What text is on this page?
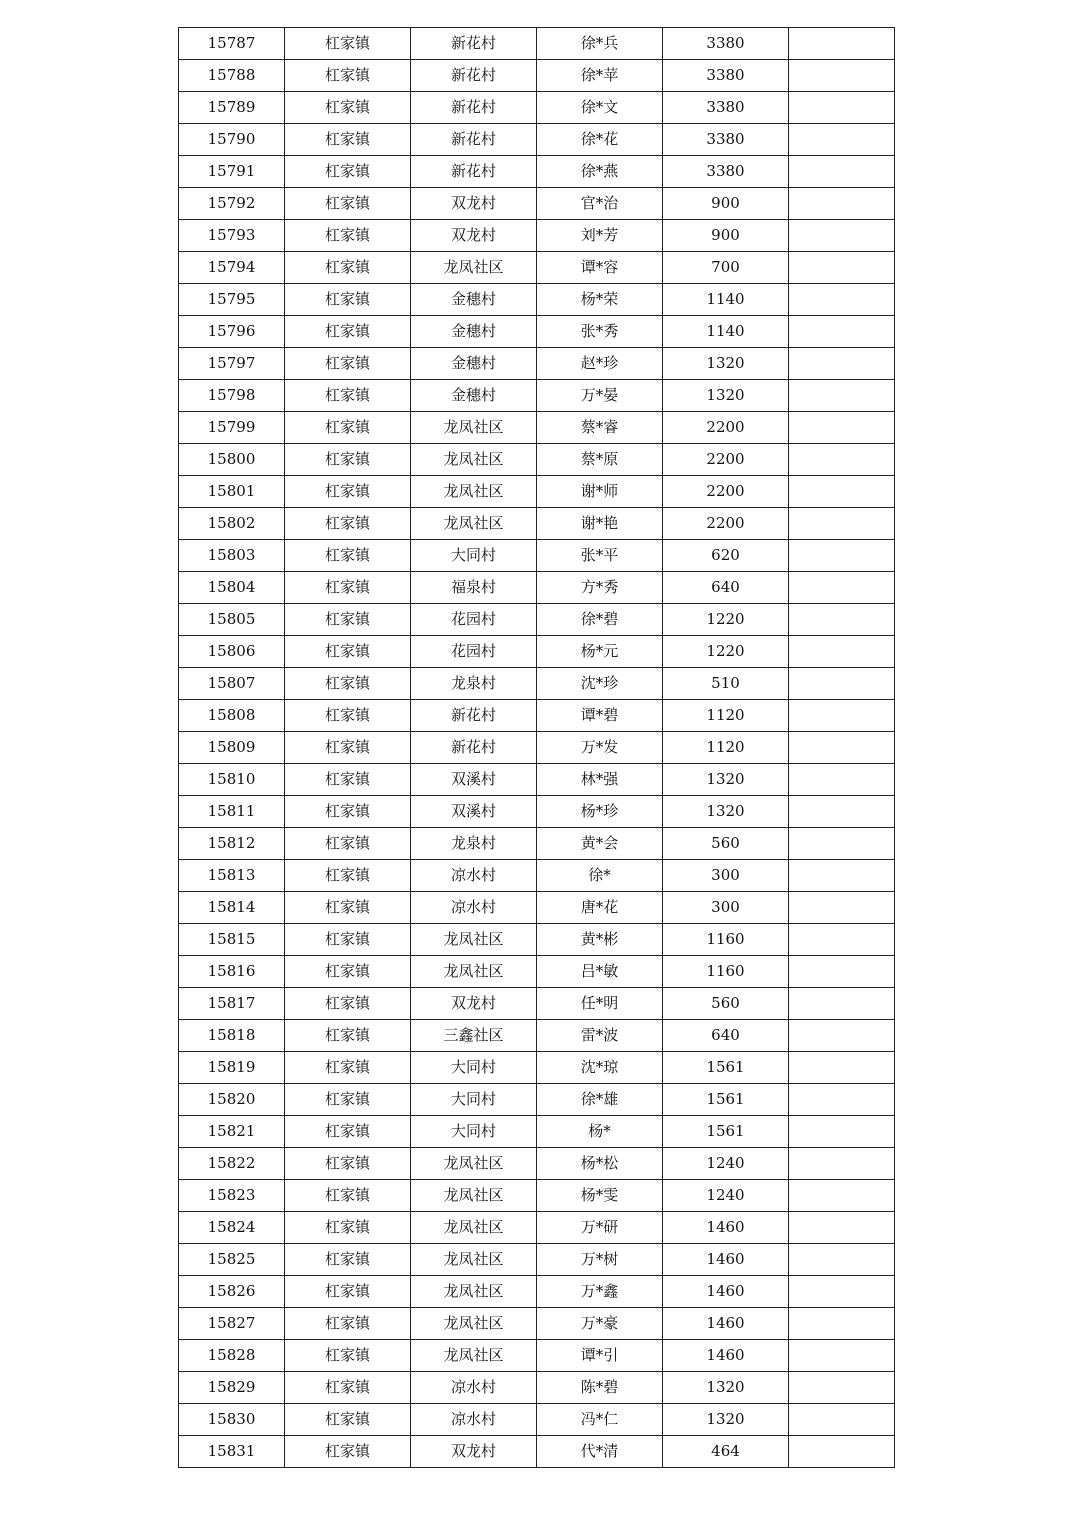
15787	杠家镇	新花村	徐*兵	3380	
15788	杠家镇	新花村	徐*苹	3380	
15789	杠家镇	新花村	徐*文	3380	
15790	杠家镇	新花村	徐*花	3380	
15791	杠家镇	新花村	徐*燕	3380	
15792	杠家镇	双龙村	官*治	900	
15793	杠家镇	双龙村	刘*芳	900	
15794	杠家镇	龙凤社区	谭*容	700	
15795	杠家镇	金穗村	杨*荣	1140	
15796	杠家镇	金穗村	张*秀	1140	
15797	杠家镇	金穗村	赵*珍	1320	
15798	杠家镇	金穗村	万*晏	1320	
15799	杠家镇	龙凤社区	蔡*睿	2200	
15800	杠家镇	龙凤社区	蔡*原	2200	
15801	杠家镇	龙凤社区	谢*师	2200	
15802	杠家镇	龙凤社区	谢*艳	2200	
15803	杠家镇	大同村	张*平	620	
15804	杠家镇	福泉村	方*秀	640	
15805	杠家镇	花园村	徐*碧	1220	
15806	杠家镇	花园村	杨*元	1220	
15807	杠家镇	龙泉村	沈*珍	510	
15808	杠家镇	新花村	谭*碧	1120	
15809	杠家镇	新花村	万*发	1120	
15810	杠家镇	双溪村	林*强	1320	
15811	杠家镇	双溪村	杨*珍	1320	
15812	杠家镇	龙泉村	黄*会	560	
15813	杠家镇	凉水村	徐*	300	
15814	杠家镇	凉水村	唐*花	300	
15815	杠家镇	龙凤社区	黄*彬	1160	
15816	杠家镇	龙凤社区	吕*敏	1160	
15817	杠家镇	双龙村	任*明	560	
15818	杠家镇	三鑫社区	雷*波	640	
15819	杠家镇	大同村	沈*琼	1561	
15820	杠家镇	大同村	徐*雄	1561	
15821	杠家镇	大同村	杨*	1561	
15822	杠家镇	龙凤社区	杨*松	1240	
15823	杠家镇	龙凤社区	杨*雯	1240	
15824	杠家镇	龙凤社区	万*研	1460	
15825	杠家镇	龙凤社区	万*树	1460	
15826	杠家镇	龙凤社区	万*鑫	1460	
15827	杠家镇	龙凤社区	万*豪	1460	
15828	杠家镇	龙凤社区	谭*引	1460	
15829	杠家镇	凉水村	陈*碧	1320	
15830	杠家镇	凉水村	冯*仁	1320	
15831	杠家镇	双龙村	代*清	464	
